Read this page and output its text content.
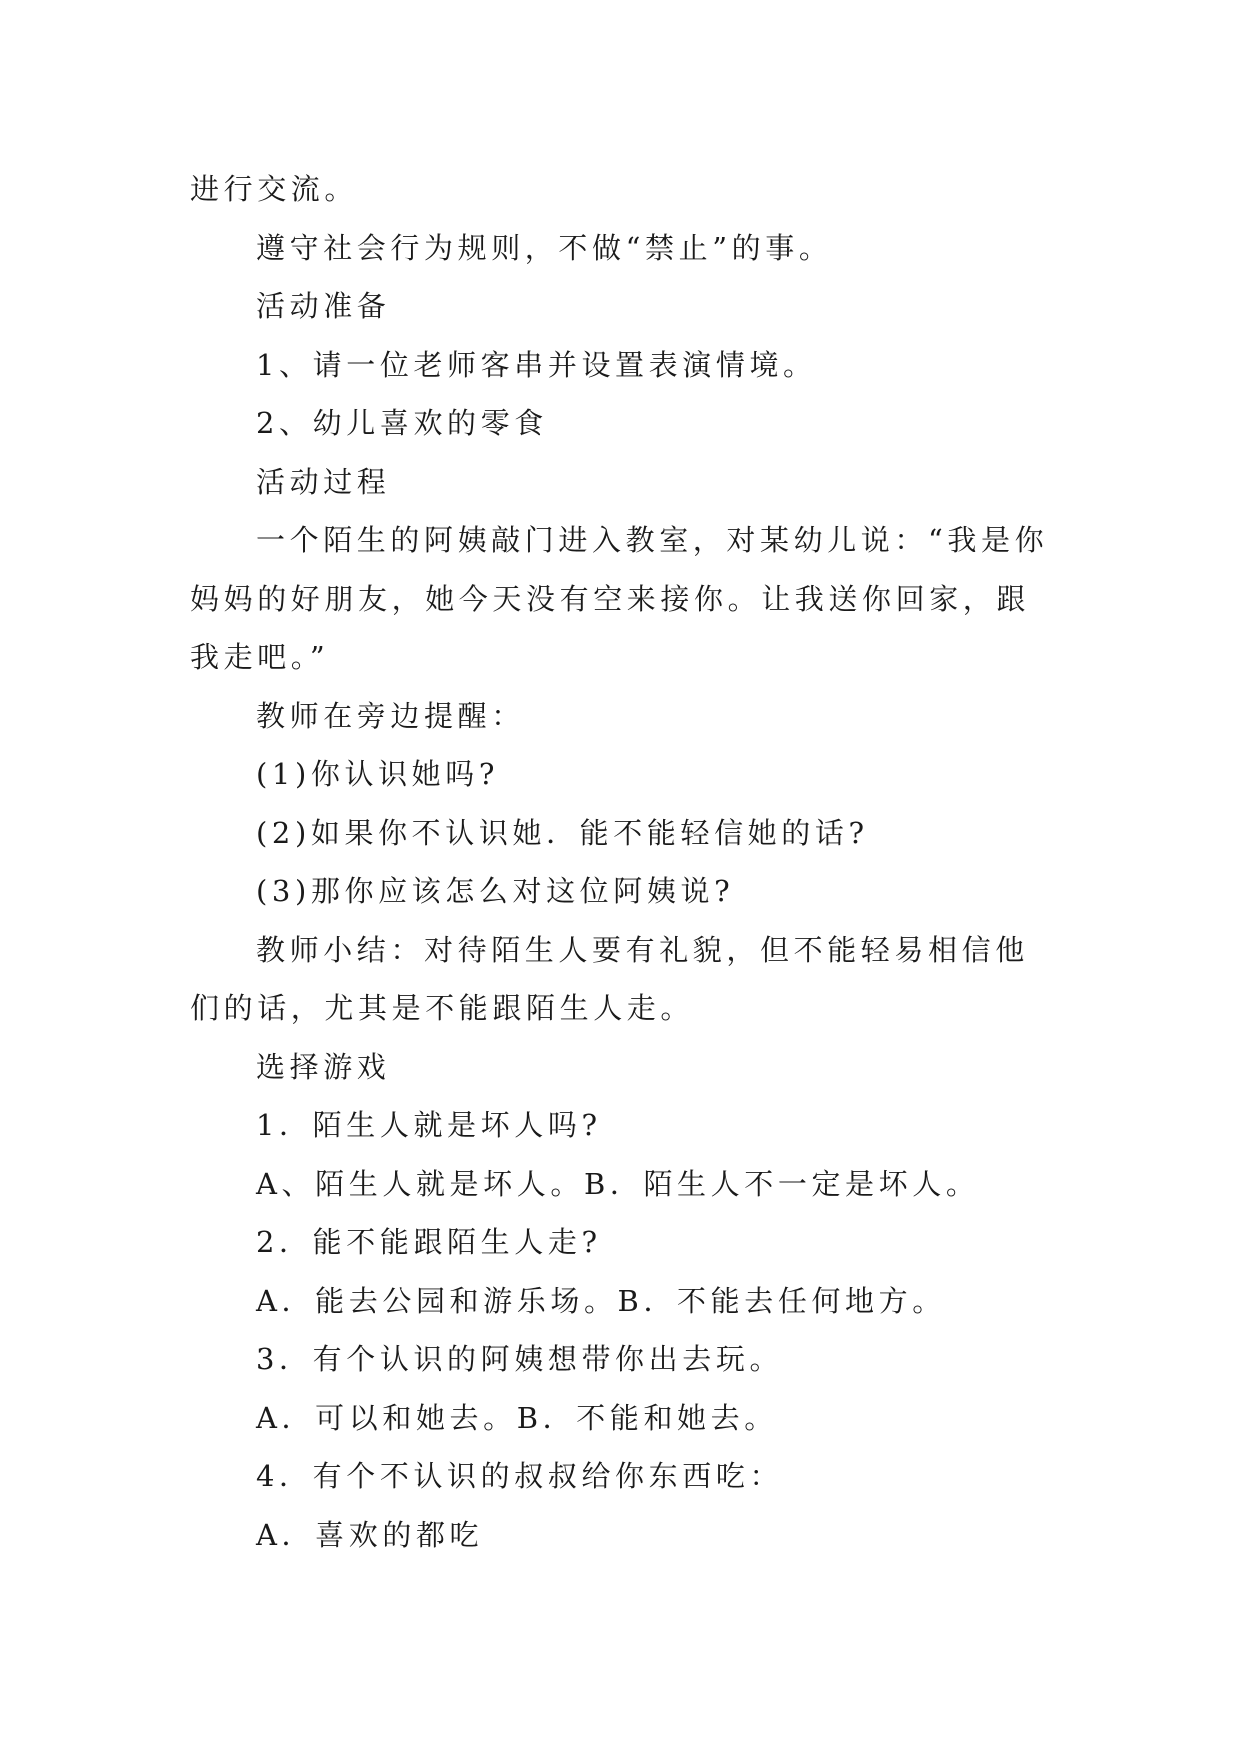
进行交流。

遵守社会行为规则，不做“禁止”的事。

活动准备

1、请一位老师客串并设置表演情境。

2、幼儿喜欢的零食

活动过程

一个陌生的阿姨敲门进入教室，对某幼儿说：“我是你妈妈的好朋友，她今天没有空来接你。让我送你回家，跟我走吧。”

教师在旁边提醒：

(1)你认识她吗?

(2)如果你不认识她．能不能轻信她的话?

(3)那你应该怎么对这位阿姨说?

教师小结：对待陌生人要有礼貌，但不能轻易相信他们的话，尤其是不能跟陌生人走。

选择游戏

1．陌生人就是坏人吗?

A、陌生人就是坏人。B．陌生人不一定是坏人。

2．能不能跟陌生人走?

A．能去公园和游乐场。B．不能去任何地方。

3．有个认识的阿姨想带你出去玩。

A．可以和她去。B．不能和她去。

4．有个不认识的叔叔给你东西吃：

A．喜欢的都吃
